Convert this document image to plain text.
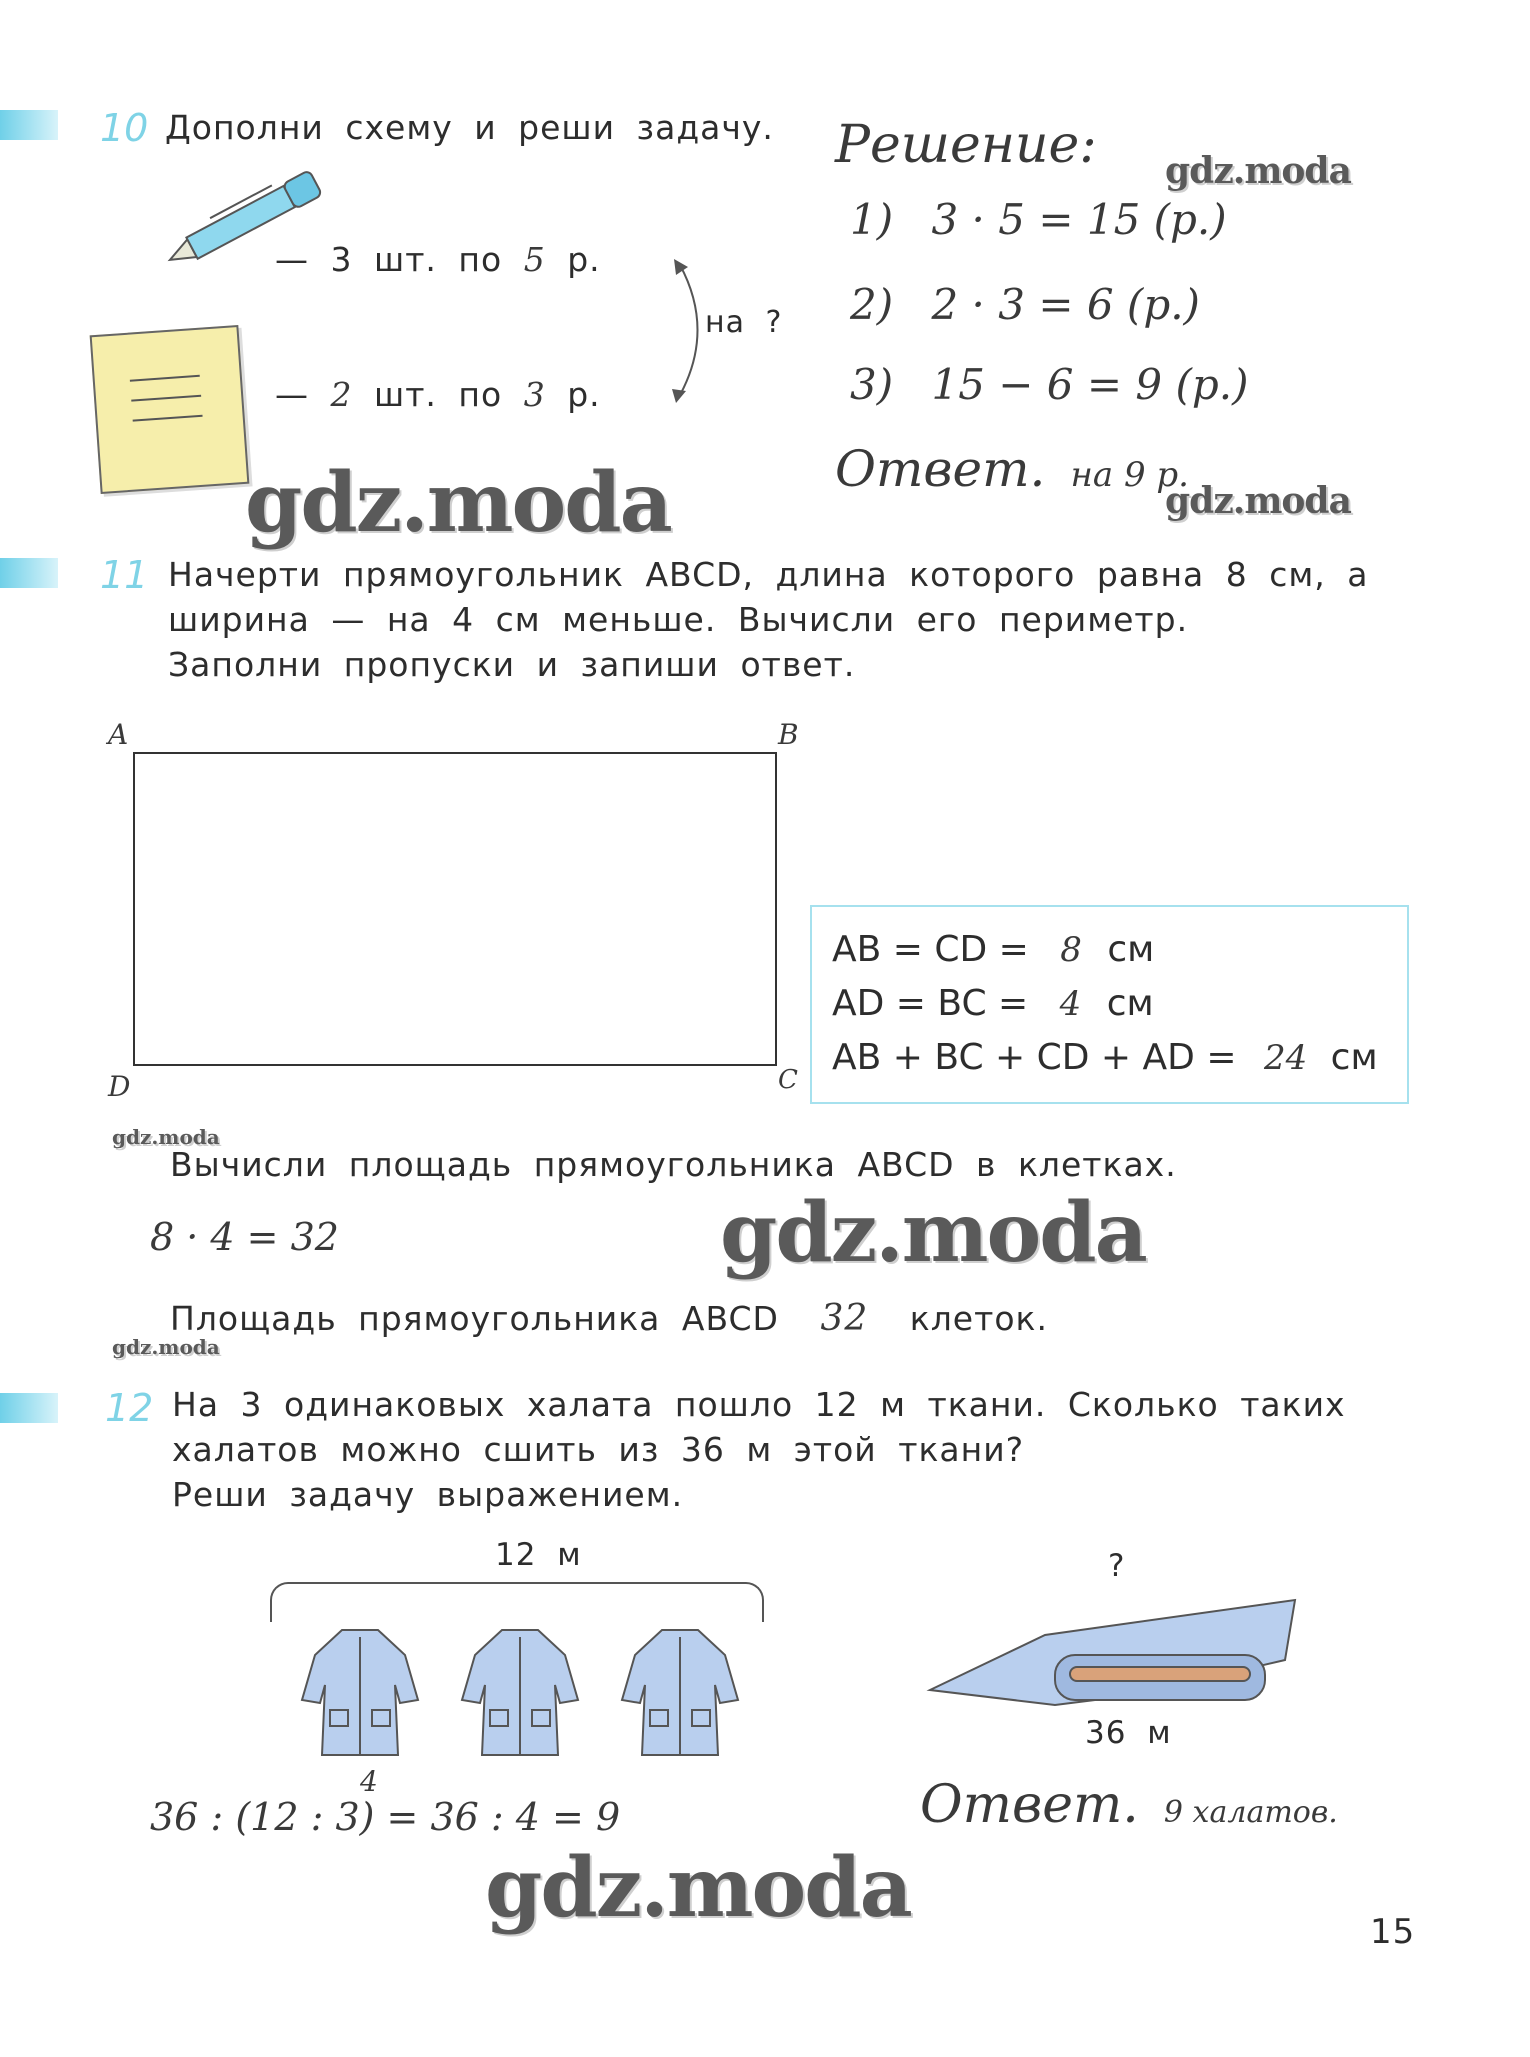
10 Дополни схему и реши задачу.
— 3 шт. по 5 р.
— 2 шт. по 3 р.
на ?
Решение:
1) 3 · 5 = 15 (р.)
2) 2 · 3 = 6 (р.)
3) 15 − 6 = 9 (р.)
Ответ. на 9 р.
gdz.moda
gdz.moda	gdz.moda
11 Начерти прямоугольник ABCD, длина которого равна 8 см, а
ширина — на 4 см меньше. Вычисли его периметр.
Заполни пропуски и запиши ответ.
A	B
C
D
AB = CD = 8 см
AD = BC = 4 см
AB + BC + CD + AD = 24 см
gdz.moda
Вычисли площадь прямоугольника ABCD в клетках.
8 · 4 = 32	gdz.moda
Площадь прямоугольника ABCD 32 клеток.
gdz.moda
12 На 3 одинаковых халата пошло 12 м ткани. Сколько таких
халатов можно сшить из 36 м этой ткани?
Реши задачу выражением.
12 м	?
36 м
4
36 : (12 : 3) = 36 : 4 = 9	Ответ. 9 халатов.
gdz.moda	15
